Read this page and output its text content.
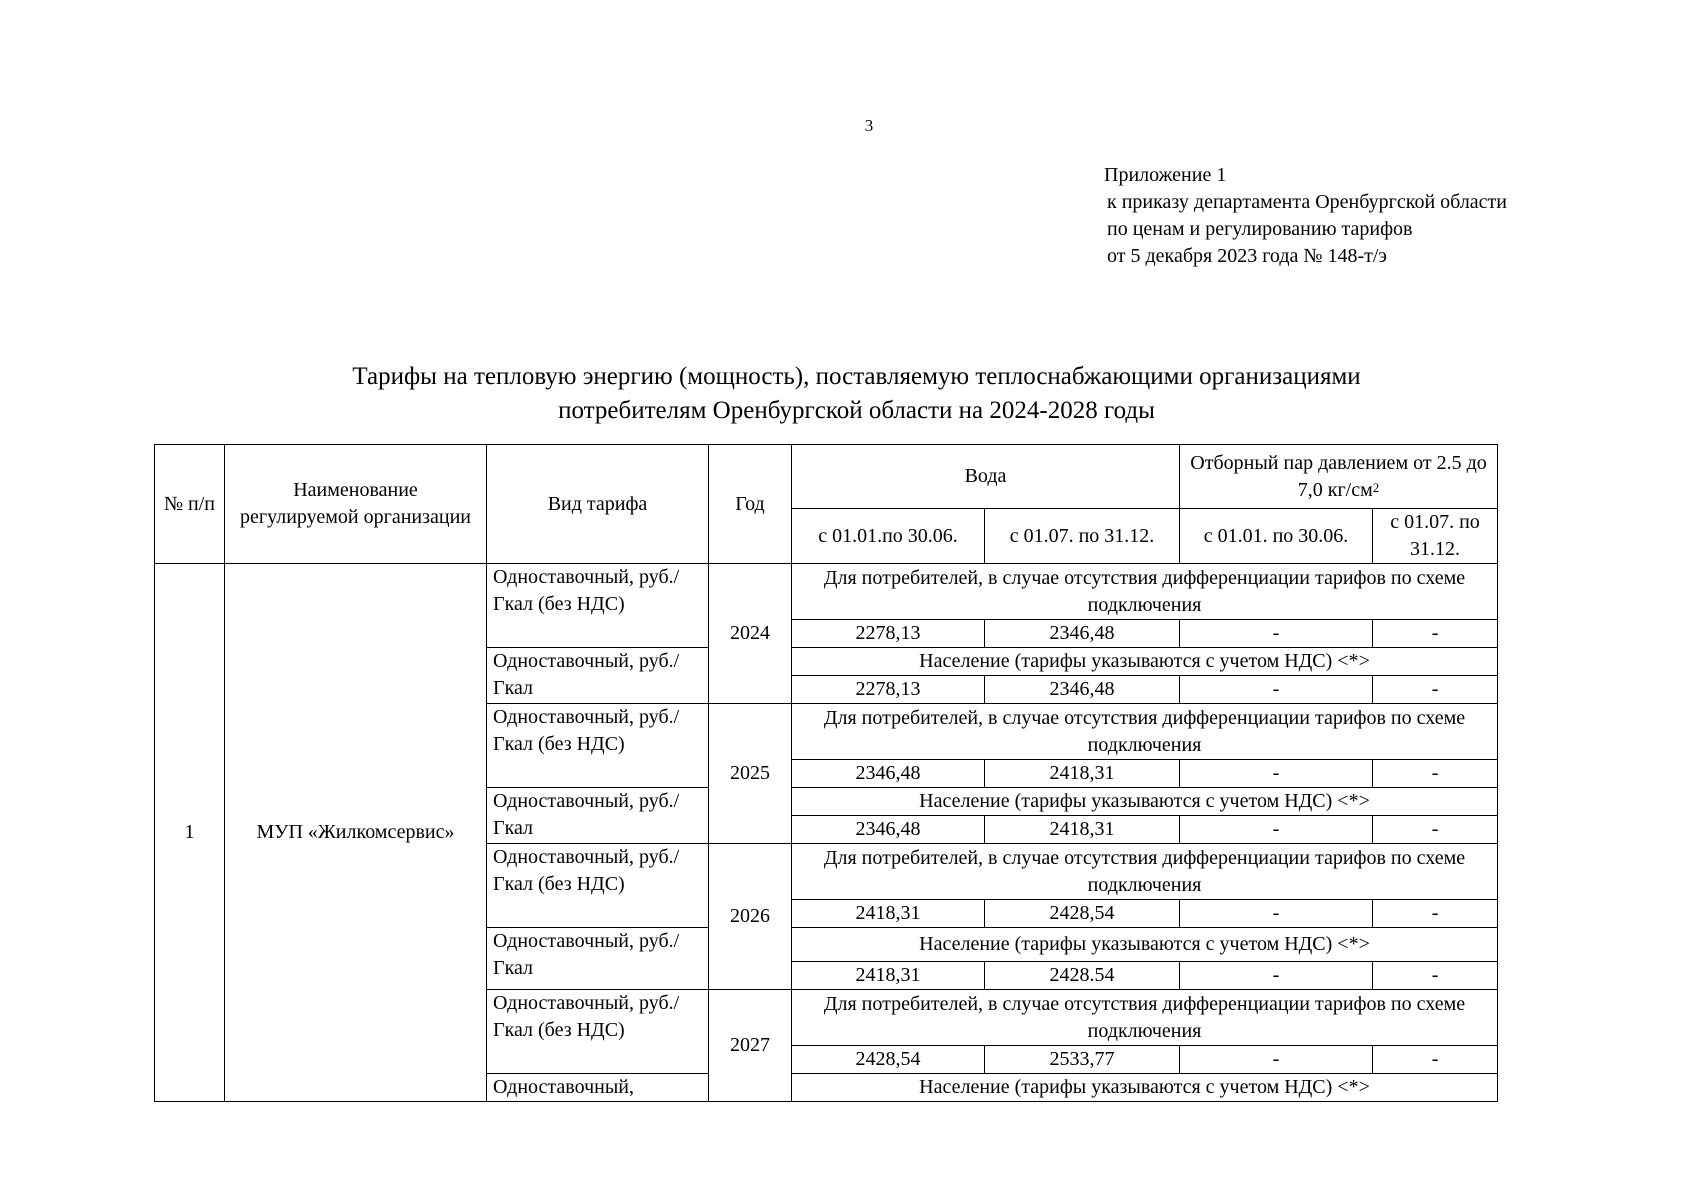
3
Приложение 1
к приказу департамента Оренбургской области
по ценам и регулированию тарифов
от 5 декабря 2023 года № 148-т/э
Тарифы на тепловую энергию (мощность), поставляемую теплоснабжающими организациями
потребителям Оренбургской области на 2024-2028 годы
№ п/п	Наименование регулируемой организации	Вид тарифа	Год	Вода		Отборный пар давлением от 2.5 до 7,0 $кг/см^2$
				с 01.01.по 30.06.	с 01.07. по 31.12.	с 01.01. по 30.06.	с 01.07. по 31.12.
1	МУП «Жилкомсервис»	Одноставочный, руб./Гкал (без НДС)	2024	Для потребителей, в случае отсутствия дифференциации тарифов по схеме подключения			
				2278,13	2346,48	-	-
		Одноставочный, руб./Гкал		Население (тарифы указываются с учетом НДС) <*>			
				2278,13	2346,48	-	-
		Одноставочный, руб./Гкал (без НДС)	2025	Для потребителей, в случае отсутствия дифференциации тарифов по схеме подключения			
				2346,48	2418,31	-	-
		Одноставочный, руб./Гкал		Население (тарифы указываются с учетом НДС) <*>			
				2346,48	2418,31	-	-
		Одноставочный, руб./Гкал (без НДС)	2026	Для потребителей, в случае отсутствия дифференциации тарифов по схеме подключения			
				2418,31	2428,54	-	-
		Одноставочный, руб./Гкал		Население (тарифы указываются с учетом НДС) <*>			
				2418,31	2428.54	-	-
		Одноставочный, руб./Гкал (без НДС)	2027	Для потребителей, в случае отсутствия дифференциации тарифов по схеме подключения			
				2428,54	2533,77	-	-
		Одноставочный,		Население (тарифы указываются с учетом НДС) <*>			
